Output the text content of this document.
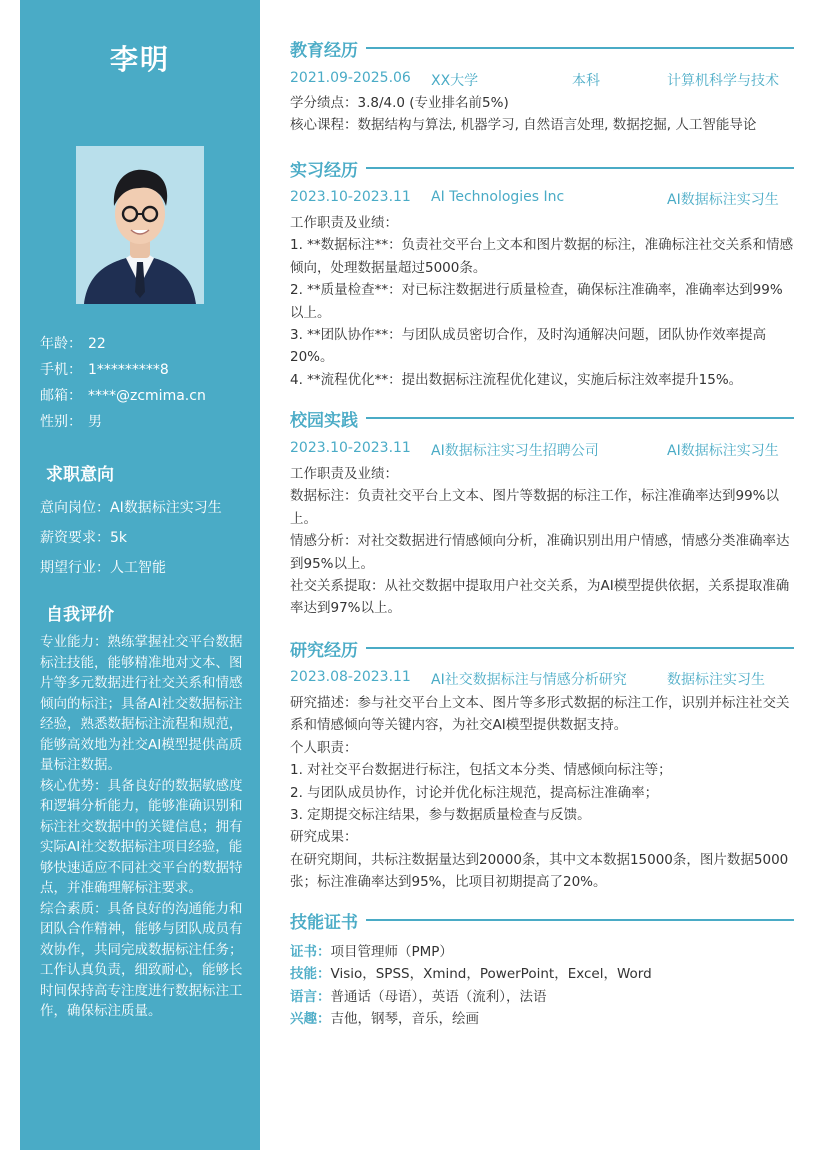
李明
年龄： 22
手机： 1*********8
邮箱： ****@zcmima.cn
性别： 男
求职意向
意向岗位：AI数据标注实习生
薪资要求：5k
期望行业：人工智能
自我评价

专业能力：熟练掌握社交平台数据标注技能，能够精准地对文本、图片等多元数据进行社交关系和情感倾向的标注；具备AI社交数据标注经验，熟悉数据标注流程和规范，能够高效地为社交AI模型提供高质量标注数据。

核心优势：具备良好的数据敏感度和逻辑分析能力，能够准确识别和标注社交数据中的关键信息；拥有实际AI社交数据标注项目经验，能够快速适应不同社交平台的数据特点，并准确理解标注要求。

综合素质：具备良好的沟通能力和团队合作精神，能够与团队成员有效协作，共同完成数据标注任务；工作认真负责，细致耐心，能够长时间保持高专注度进行数据标注工作，确保标注质量。

教育经历
2021.09-2025.06 XX大学	本科	计算机科学与技术

学分绩点：3.8/4.0 (专业排名前5%)

核心课程：数据结构与算法, 机器学习, 自然语言处理, 数据挖掘, 人工智能导论

实习经历
2023.10-2023.11 AI Technologies Inc	AI数据标注实习生

工作职责及业绩：

1. **数据标注**：负责社交平台上文本和图片数据的标注，准确标注社交关系和情感倾向，处理数据量超过5000条。

2. **质量检查**：对已标注数据进行质量检查，确保标注准确率，准确率达到99%以上。

3. **团队协作**：与团队成员密切合作，及时沟通解决问题，团队协作效率提高20%。

4. **流程优化**：提出数据标注流程优化建议，实施后标注效率提升15%。

校园实践
2023.10-2023.11 AI数据标注实习生招聘公司	AI数据标注实习生

工作职责及业绩：

数据标注：负责社交平台上文本、图片等数据的标注工作，标注准确率达到99%以上。

情感分析：对社交数据进行情感倾向分析，准确识别出用户情感，情感分类准确率达到95%以上。

社交关系提取：从社交数据中提取用户社交关系，为AI模型提供依据，关系提取准确率达到97%以上。

研究经历
2023.08-2023.11 AI社交数据标注与情感分析研究	数据标注实习生

研究描述：参与社交平台上文本、图片等多形式数据的标注工作，识别并标注社交关系和情感倾向等关键内容，为社交AI模型提供数据支持。

个人职责：

1. 对社交平台数据进行标注，包括文本分类、情感倾向标注等；

2. 与团队成员协作，讨论并优化标注规范，提高标注准确率；

3. 定期提交标注结果，参与数据质量检查与反馈。

研究成果：

在研究期间，共标注数据量达到20000条，其中文本数据15000条，图片数据5000张；标注准确率达到95%，比项目初期提高了20%。

技能证书
证书：项目管理师（PMP）
技能：Visio，SPSS，Xmind，PowerPoint，Excel，Word
语言：普通话（母语），英语（流利），法语
兴趣：吉他，钢琴，音乐，绘画
